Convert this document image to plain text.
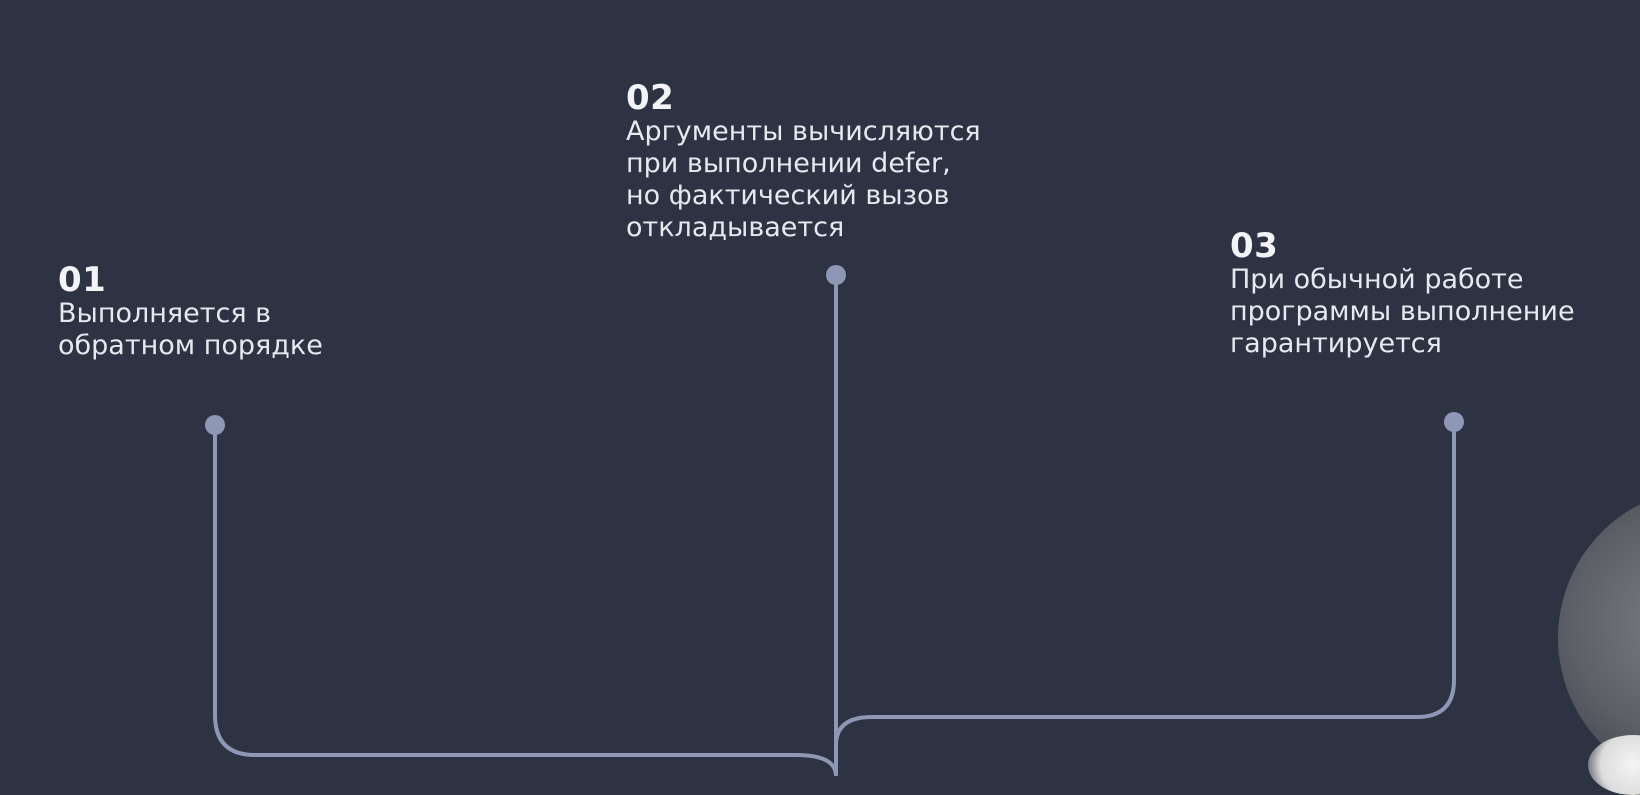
01
Выполняется в
обратном порядке
02
Аргументы вычисляются
при выполнении defer,
но фактический вызов
откладывается	03
При обычной работе
программы выполнение
гарантируется
